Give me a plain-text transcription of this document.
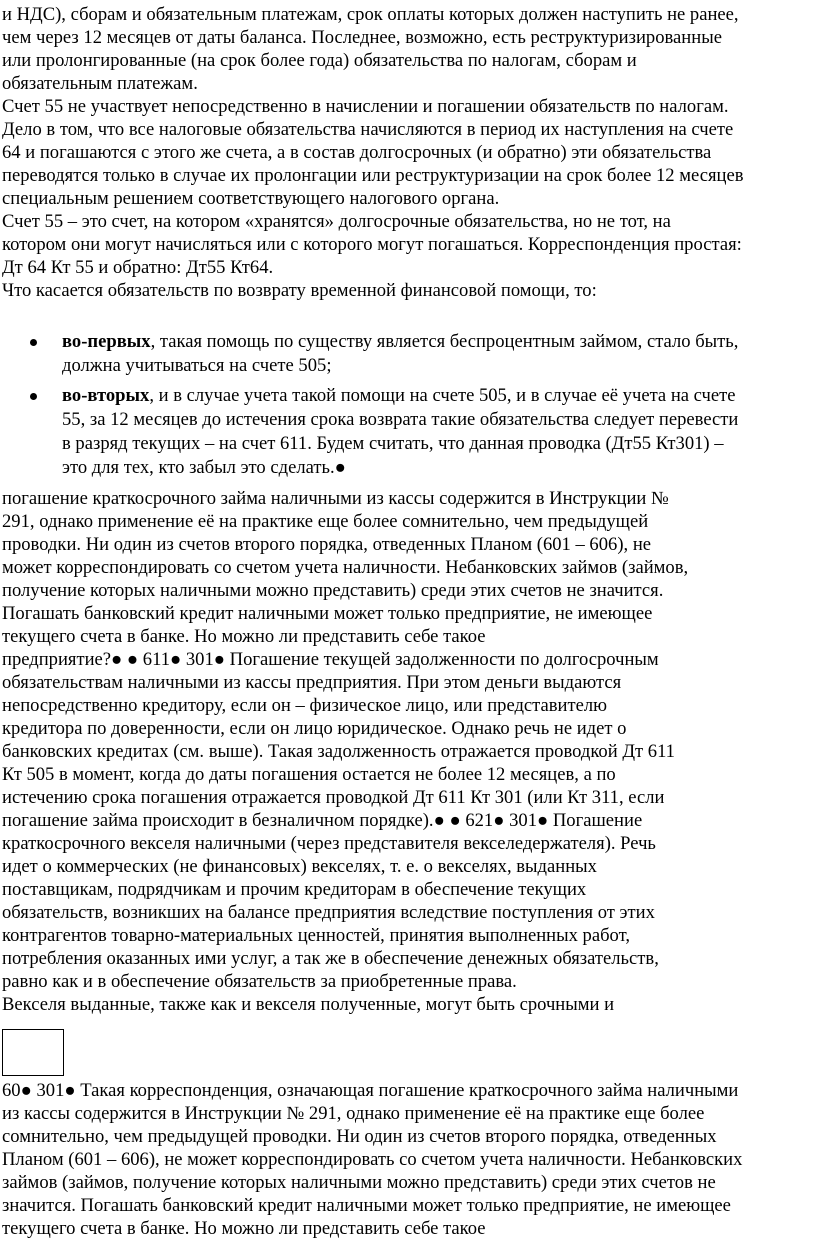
и НДС), сборам и обязательным платежам, срок оплаты которых должен наступить не ранее,
чем через 12 месяцев от даты баланса. Последнее, возможно, есть реструктуризированные
или пролонгированные (на срок более года) обязательства по налогам, сборам и
обязательным платежам.
Счет 55 не участвует непосредственно в начислении и погашении обязательств по налогам.
Дело в том, что все налоговые обязательства начисляются в период их наступления на счете
64 и погашаются с этого же счета, а в состав долгосрочных (и обратно) эти обязательства
переводятся только в случае их пролонгации или реструктуризации на срок более 12 месяцев
специальным решением соответствующего налогового органа.
Счет 55 – это счет, на котором «хранятся» долгосрочные обязательства, но не тот, на
котором они могут начисляться или с которого могут погашаться. Корреспонденция простая:
Дт 64 Кт 55 и обратно: Дт55 Кт64.
Что касается обязательств по возврату временной финансовой помощи, то:
во-первых, такая помощь по существу является беспроцентным займом, стало быть,
должна учитываться на счете 505;
во-вторых, и в случае учета такой помощи на счете 505, и в случае её учета на счете
55, за 12 месяцев до истечения срока возврата такие обязательства следует перевести
в разряд текущих – на счет 611. Будем считать, что данная проводка (Дт55 Кт301) –
это для тех, кто забыл это сделать.●
погашение краткосрочного займа наличными из кассы содержится в Инструкции №
291, однако применение её на практике еще более сомнительно, чем предыдущей
проводки. Ни один из счетов второго порядка, отведенных Планом (601 – 606), не
может корреспондировать со счетом учета наличности. Небанковских займов (займов,
получение которых наличными можно представить) среди этих счетов не значится.
Погашать банковский кредит наличными может только предприятие, не имеющее
текущего счета в банке. Но можно ли представить себе такое
предприятие?● ● 611● 301● Погашение текущей задолженности по долгосрочным
обязательствам наличными из кассы предприятия. При этом деньги выдаются
непосредственно кредитору, если он – физическое лицо, или представителю
кредитора по доверенности, если он лицо юридическое. Однако речь не идет о
банковских кредитах (см. выше). Такая задолженность отражается проводкой Дт 611
Кт 505 в момент, когда до даты погашения остается не более 12 месяцев, а по
истечению срока погашения отражается проводкой Дт 611 Кт 301 (или Кт 311, если
погашение займа происходит в безналичном порядке).● ● 621● 301● Погашение
краткосрочного векселя наличными (через представителя векселедержателя). Речь
идет о коммерческих (не финансовых) векселях, т. е. о векселях, выданных
поставщикам, подрядчикам и прочим кредиторам в обеспечение текущих
обязательств, возникших на балансе предприятия вследствие поступления от этих
контрагентов товарно-материальных ценностей, принятия выполненных работ,
потребления оказанных ими услуг, а так же в обеспечение денежных обязательств,
равно как и в обеспечение обязательств за приобретенные права.
Векселя выданные, также как и векселя полученные, могут быть срочными и
60● 301● Такая корреспонденция, означающая погашение краткосрочного займа наличными
из кассы содержится в Инструкции № 291, однако применение её на практике еще более
сомнительно, чем предыдущей проводки. Ни один из счетов второго порядка, отведенных
Планом (601 – 606), не может корреспондировать со счетом учета наличности. Небанковских
займов (займов, получение которых наличными можно представить) среди этих счетов не
значится. Погашать банковский кредит наличными может только предприятие, не имеющее
текущего счета в банке. Но можно ли представить себе такое
